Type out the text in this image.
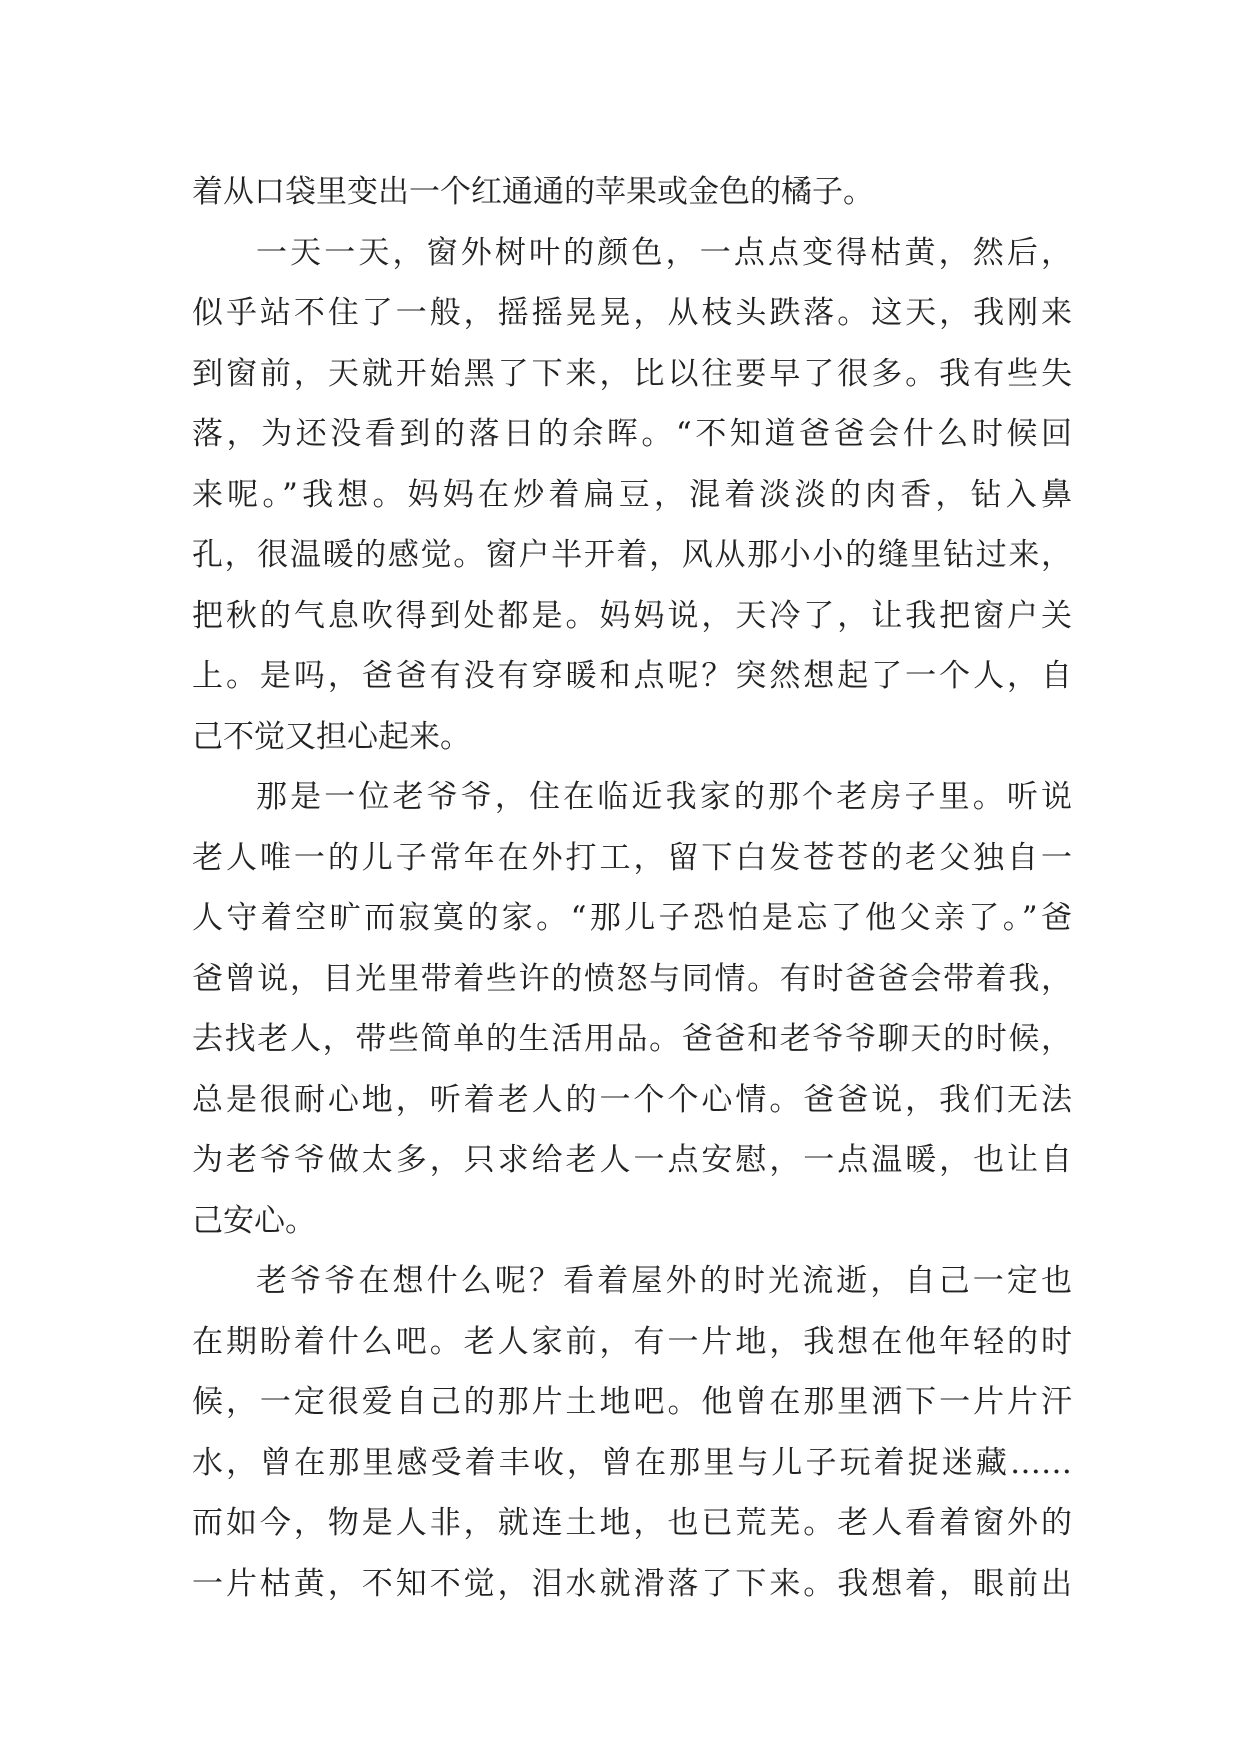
着从口袋里变出一个红通通的苹果或金色的橘子。
一天一天，窗外树叶的颜色，一点点变得枯黄，然后，
似乎站不住了一般，摇摇晃晃，从枝头跌落。这天，我刚来
到窗前，天就开始黑了下来，比以往要早了很多。我有些失
落，为还没看到的落日的余晖。“不知道爸爸会什么时候回
来呢。”我想。妈妈在炒着扁豆，混着淡淡的肉香，钻入鼻
孔，很温暖的感觉。窗户半开着，风从那小小的缝里钻过来，
把秋的气息吹得到处都是。妈妈说，天冷了，让我把窗户关
上。是吗，爸爸有没有穿暖和点呢？突然想起了一个人，自
己不觉又担心起来。
那是一位老爷爷，住在临近我家的那个老房子里。听说
老人唯一的儿子常年在外打工，留下白发苍苍的老父独自一
人守着空旷而寂寞的家。“那儿子恐怕是忘了他父亲了。”爸
爸曾说，目光里带着些许的愤怒与同情。有时爸爸会带着我，
去找老人，带些简单的生活用品。爸爸和老爷爷聊天的时候，
总是很耐心地，听着老人的一个个心情。爸爸说，我们无法
为老爷爷做太多，只求给老人一点安慰，一点温暖，也让自
己安心。
老爷爷在想什么呢？看着屋外的时光流逝，自己一定也
在期盼着什么吧。老人家前，有一片地，我想在他年轻的时
候，一定很爱自己的那片土地吧。他曾在那里洒下一片片汗
水，曾在那里感受着丰收，曾在那里与儿子玩着捉迷藏……
而如今，物是人非，就连土地，也已荒芜。老人看着窗外的
一片枯黄，不知不觉，泪水就滑落了下来。我想着，眼前出
